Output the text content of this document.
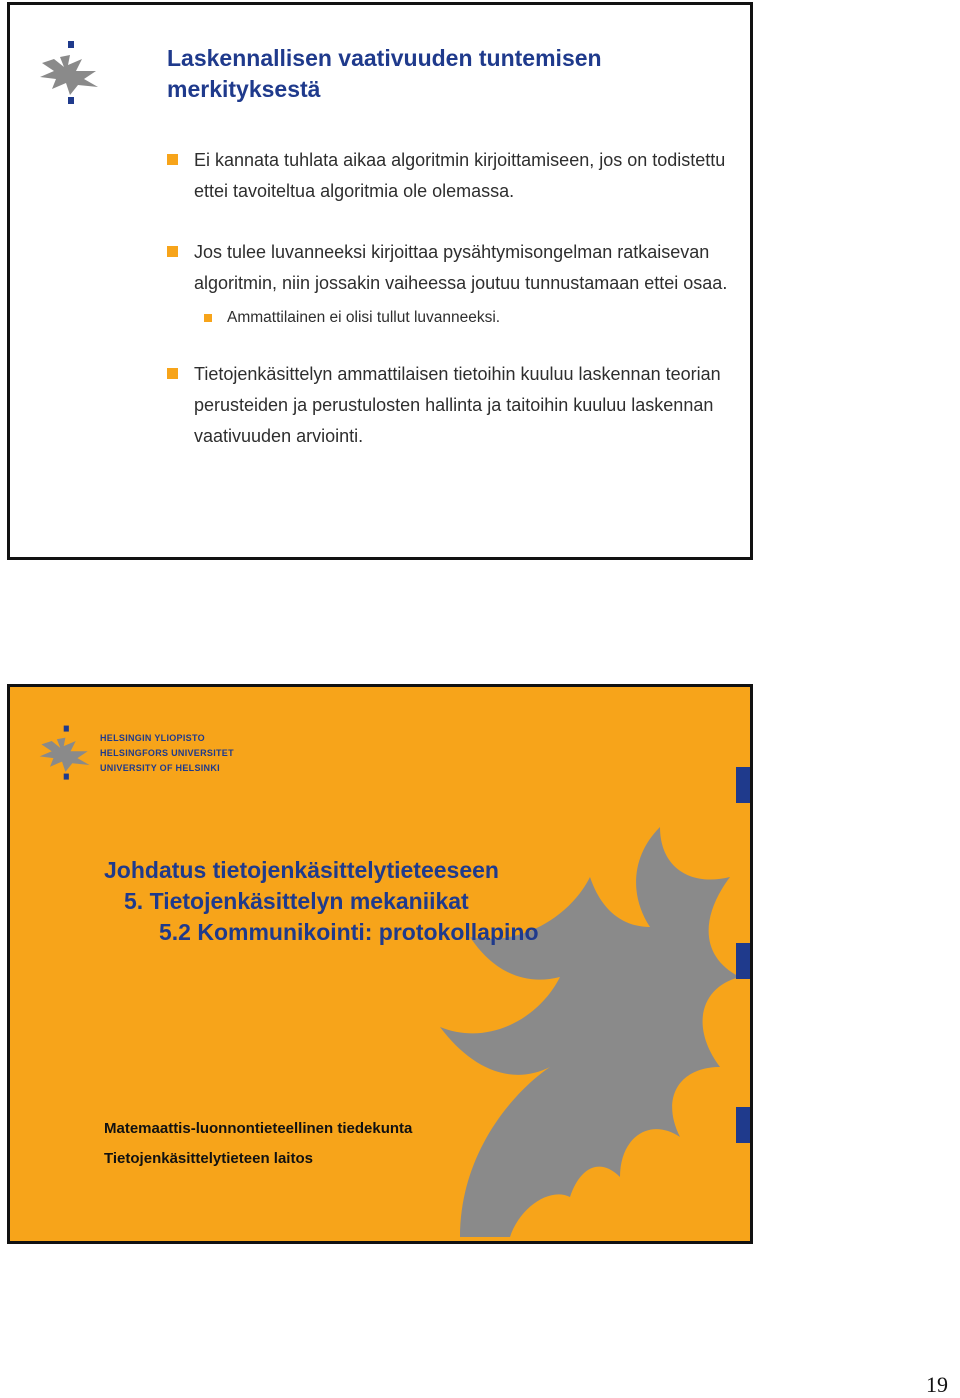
Laskennallisen vaativuuden tuntemisen merkityksestä
Ei kannata tuhlata aikaa algoritmin kirjoittamiseen, jos on todistettu ettei tavoiteltua algoritmia ole olemassa.
Jos tulee luvanneeksi kirjoittaa pysähtymisongelman ratkaisevan algoritmin, niin jossakin vaiheessa joutuu tunnustamaan ettei osaa.
Ammattilainen ei olisi tullut luvanneeksi.
Tietojenkäsittelyn ammattilaisen tietoihin kuuluu laskennan teorian perusteiden ja perustulosten hallinta ja taitoihin kuuluu laskennan vaativuuden arviointi.
HELSINGIN YLIOPISTO
HELSINGFORS UNIVERSITET
UNIVERSITY OF HELSINKI
Johdatus tietojenkäsittelytieteeseen
5. Tietojenkäsittelyn mekaniikat
5.2 Kommunikointi: protokollapino
Matemaattis-luonnontieteellinen tiedekunta
Tietojenkäsittelytieteen laitos
19
